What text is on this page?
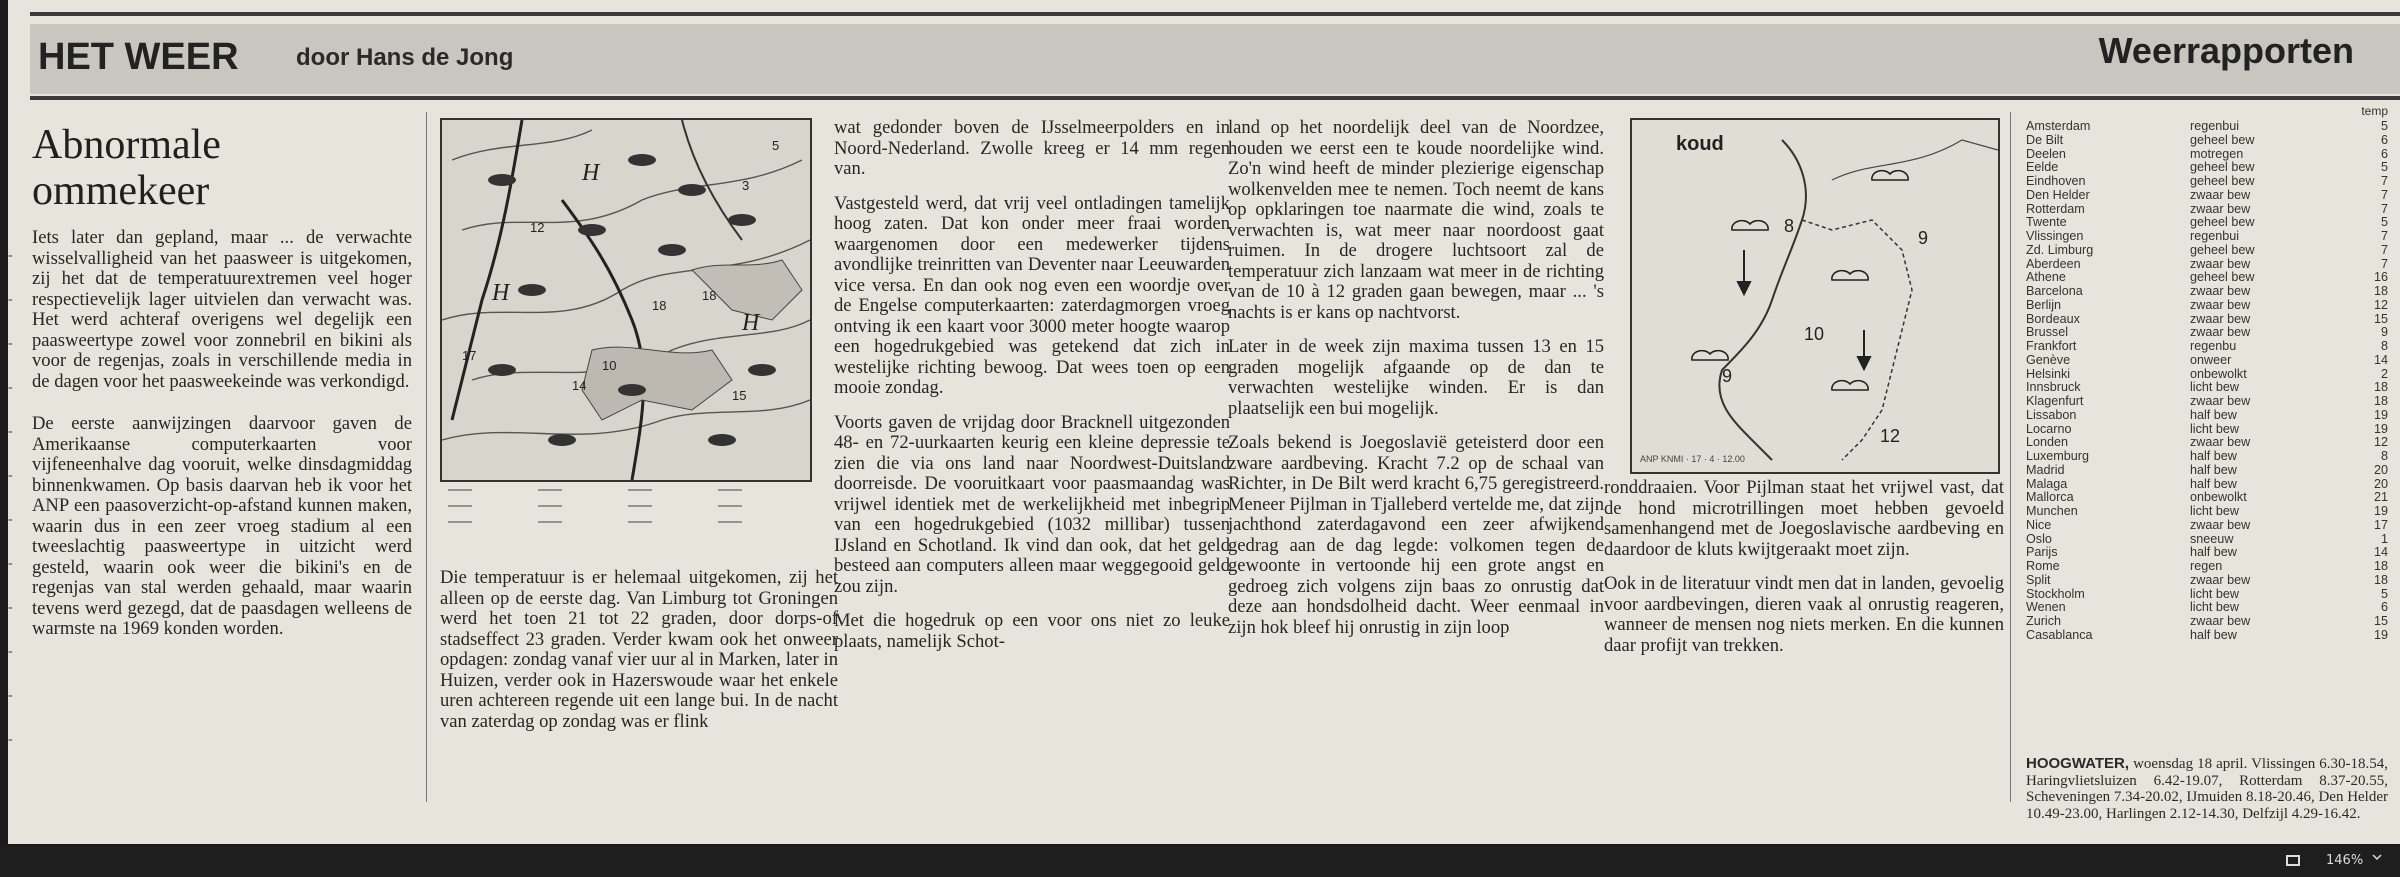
HET WEER door Hans de Jong	Weerrapporten
-
-
-
-
-
-
-
-
-
-
-
-
Abnormale
ommekeer

Iets later dan gepland, maar ... de verwachte wisselvalligheid van het paasweer is uitgekomen, zij het dat de temperatuurextremen veel hoger respectievelijk lager uitvielen dan verwacht was. Het werd achteraf overigens wel degelijk een paasweertype zowel voor zonnebril en bikini als voor de regenjas, zoals in verschillende media in de dagen voor het paasweekeinde was verkondigd.

De eerste aanwijzingen daarvoor gaven de Amerikaanse computerkaarten voor vijfeneenhalve dag vooruit, welke dinsdagmiddag binnenkwamen. Op basis daarvan heb ik voor het ANP een paasoverzicht-op-afstand kunnen maken, waarin dus in een zeer vroeg stadium al een tweeslachtig paasweertype in uitzicht werd gesteld, waarin ook weer die bikini's en de regenjas van stal werden gehaald, maar waarin tevens werd gezegd, dat de paasdagen welleens de warmste na 1969 konden worden.

H
H
H
12
3
5
18
18
15
17
14
10

Die temperatuur is er helemaal uitgekomen, zij het alleen op de eerste dag. Van Limburg tot Groningen werd het toen 21 tot 22 graden, door dorps-of stadseffect 23 graden. Verder kwam ook het onweer opdagen: zondag vanaf vier uur al in Marken, later in Huizen, verder ook in Hazerswoude waar het enkele uren achtereen regende uit een lange bui. In de nacht van zaterdag op zondag was er flink

wat gedonder boven de IJsselmeerpolders en in Noord-Nederland. Zwolle kreeg er 14 mm regen van.

Vastgesteld werd, dat vrij veel ontladingen tamelijk hoog zaten. Dat kon onder meer fraai worden waargenomen door een medewerker tijdens avondlijke treinritten van Deventer naar Leeuwarden vice versa. En dan ook nog even een woordje over de Engelse computerkaarten: zaterdagmorgen vroeg ontving ik een kaart voor 3000 meter hoogte waarop een hogedrukgebied was getekend dat zich in westelijke richting bewoog. Dat wees toen op een mooie zondag.

Voorts gaven de vrijdag door Bracknell uitgezonden 48- en 72-uurkaarten keurig een kleine depressie te zien die via ons land naar Noordwest-Duitsland doorreisde. De vooruitkaart voor paasmaandag was vrijwel identiek met de werkelijkheid met inbegrip van een hogedrukgebied (1032 millibar) tussen IJsland en Schotland. Ik vind dan ook, dat het geld besteed aan computers alleen maar weggegooid geld zou zijn.

Met die hogedruk op een voor ons niet zo leuke plaats, namelijk Schot-

land op het noordelijk deel van de Noordzee, houden we eerst een te koude noordelijke wind. Zo'n wind heeft de minder plezierige eigenschap wolkenvelden mee te nemen. Toch neemt de kans op opklaringen toe naarmate die wind, zoals te verwachten is, wat meer naar noordoost gaat ruimen. In de drogere luchtsoort zal de temperatuur zich lanzaam wat meer in de richting van de 10 à 12 graden gaan bewegen, maar ... 's nachts is er kans op nachtvorst.

Later in de week zijn maxima tussen 13 en 15 graden mogelijk afgaande op de dan te verwachten westelijke winden. Er is dan plaatselijk een bui mogelijk.

Zoals bekend is Joegoslavië geteisterd door een zware aardbeving. Kracht 7.2 op de schaal van Richter, in De Bilt werd kracht 6,75 geregistreerd. Meneer Pijlman in Tjalleberd vertelde me, dat zijn jachthond zaterdagavond een zeer afwijkend gedrag aan de dag legde: volkomen tegen de gewoonte in vertoonde hij een grote angst en gedroeg zich volgens zijn baas zo onrustig dat deze aan hondsdolheid dacht. Weer eenmaal in zijn hok bleef hij onrustig in zijn loop

8
9
10
9
12
koud
ANP KNMI · 17 · 4 · 12.00

ronddraaien. Voor Pijlman staat het vrijwel vast, dat de hond microtrillingen moet hebben gevoeld samenhangend met de Joegoslavische aardbeving en daardoor de kluts kwijtgeraakt moet zijn.

Ook in de literatuur vindt men dat in landen, gevoelig voor aardbevingen, dieren vaak al onrustig reageren, wanneer de mensen nog niets merken. En die kunnen daar profijt van trekken.

temp
Amsterdam	regenbui	5
De Bilt	geheel bew	6
Deelen	motregen	6
Eelde	geheel bew	5
Eindhoven	geheel bew	7
Den Helder	zwaar bew	7
Rotterdam	zwaar bew	7
Twente	geheel bew	5
Vlissingen	regenbui	7
Zd. Limburg	geheel bew	7
Aberdeen	zwaar bew	7
Athene	geheel bew	16
Barcelona	zwaar bew	18
Berlijn	zwaar bew	12
Bordeaux	zwaar bew	15
Brussel	zwaar bew	9
Frankfort	regenbu	8
Genève	onweer	14
Helsinki	onbewolkt	2
Innsbruck	licht bew	18
Klagenfurt	zwaar bew	18
Lissabon	half bew	19
Locarno	licht bew	19
Londen	zwaar bew	12
Luxemburg	half bew	8
Madrid	half bew	20
Malaga	half bew	20
Mallorca	onbewolkt	21
Munchen	licht bew	19
Nice	zwaar bew	17
Oslo	sneeuw	1
Parijs	half bew	14
Rome	regen	18
Split	zwaar bew	18
Stockholm	licht bew	5
Wenen	licht bew	6
Zurich	zwaar bew	15
Casablanca	half bew	19
HOOGWATER, woensdag 18 april. Vlissingen 6.30-18.54, Haringvlietsluizen 6.42-19.07, Rotterdam 8.37-20.55, Scheveningen 7.34-20.02, IJmuiden 8.18-20.46, Den Helder 10.49-23.00, Harlingen 2.12-14.30, Delfzijl 4.29-16.42.
146%
